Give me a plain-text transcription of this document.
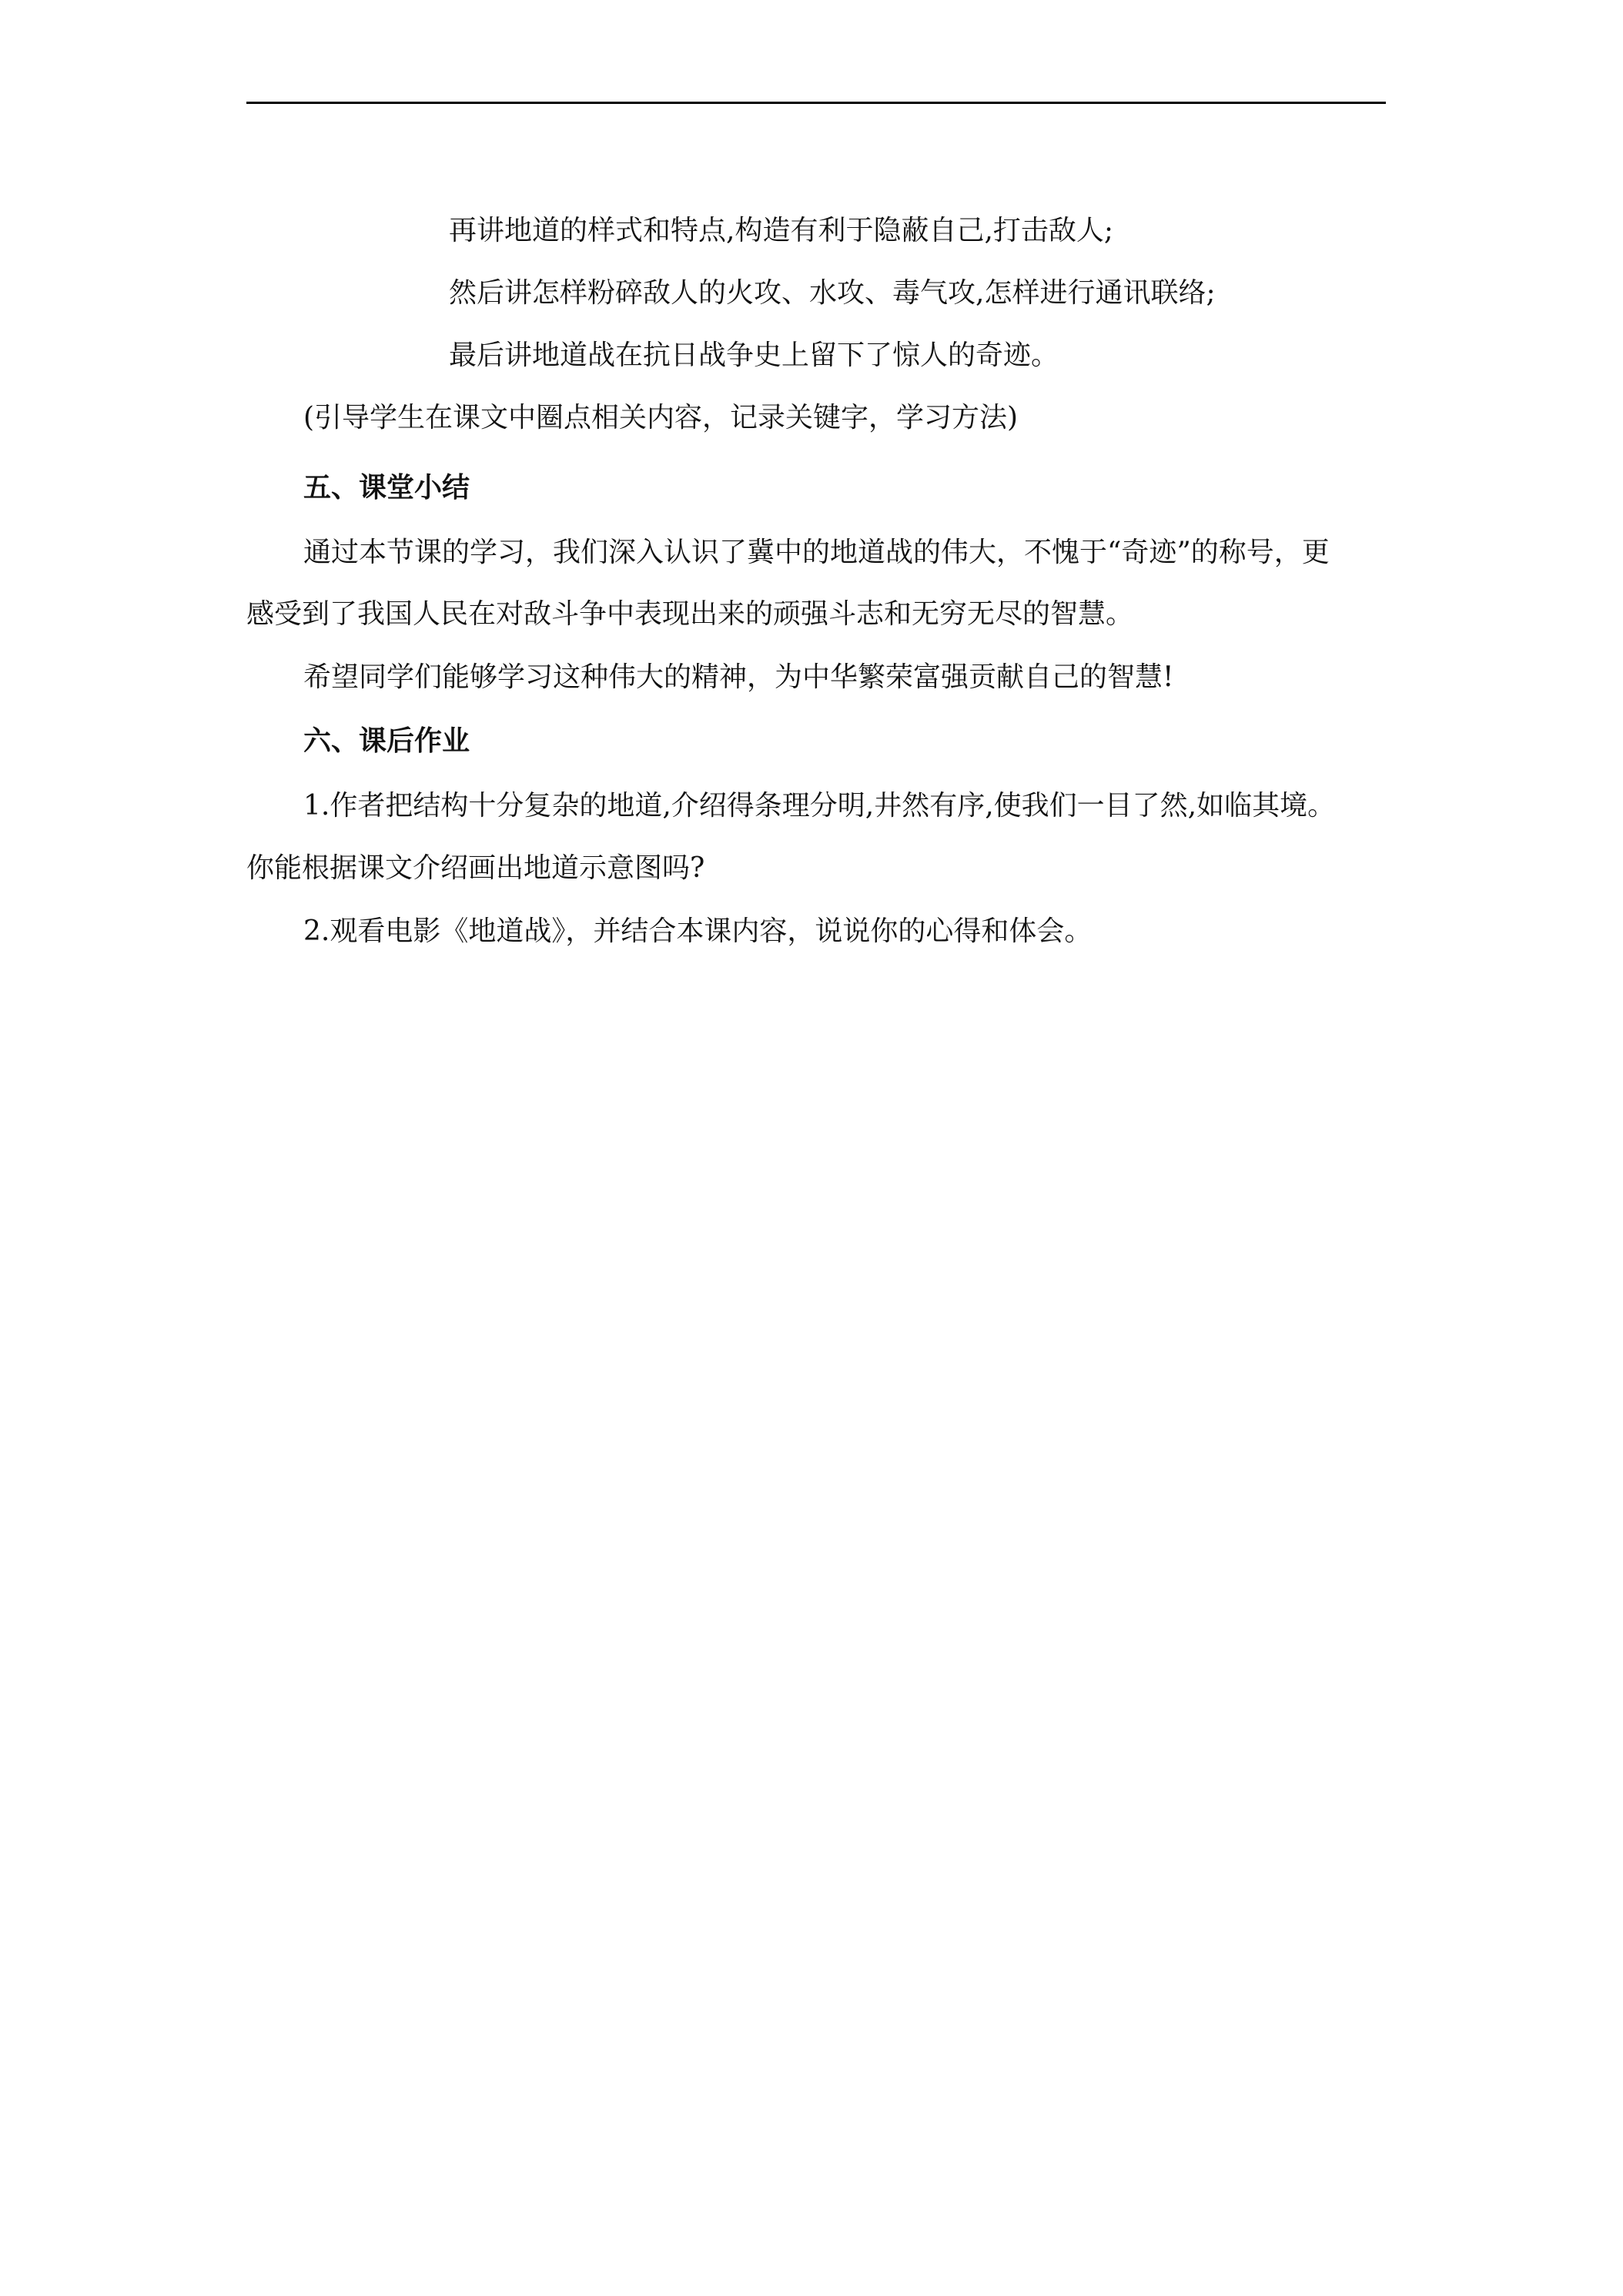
再讲地道的样式和特点,构造有利于隐蔽自己,打击敌人;
然后讲怎样粉碎敌人的火攻、水攻、毒气攻,怎样进行通讯联络;
最后讲地道战在抗日战争史上留下了惊人的奇迹。
(引导学生在课文中圈点相关内容，记录关键字，学习方法)
五、课堂小结
通过本节课的学习，我们深入认识了冀中的地道战的伟大，不愧于“奇迹”的称号，更
感受到了我国人民在对敌斗争中表现出来的顽强斗志和无穷无尽的智慧。
希望同学们能够学习这种伟大的精神，为中华繁荣富强贡献自己的智慧!
六、课后作业
1.作者把结构十分复杂的地道,介绍得条理分明,井然有序,使我们一目了然,如临其境。
你能根据课文介绍画出地道示意图吗?
2.观看电影《地道战》，并结合本课内容，说说你的心得和体会。
